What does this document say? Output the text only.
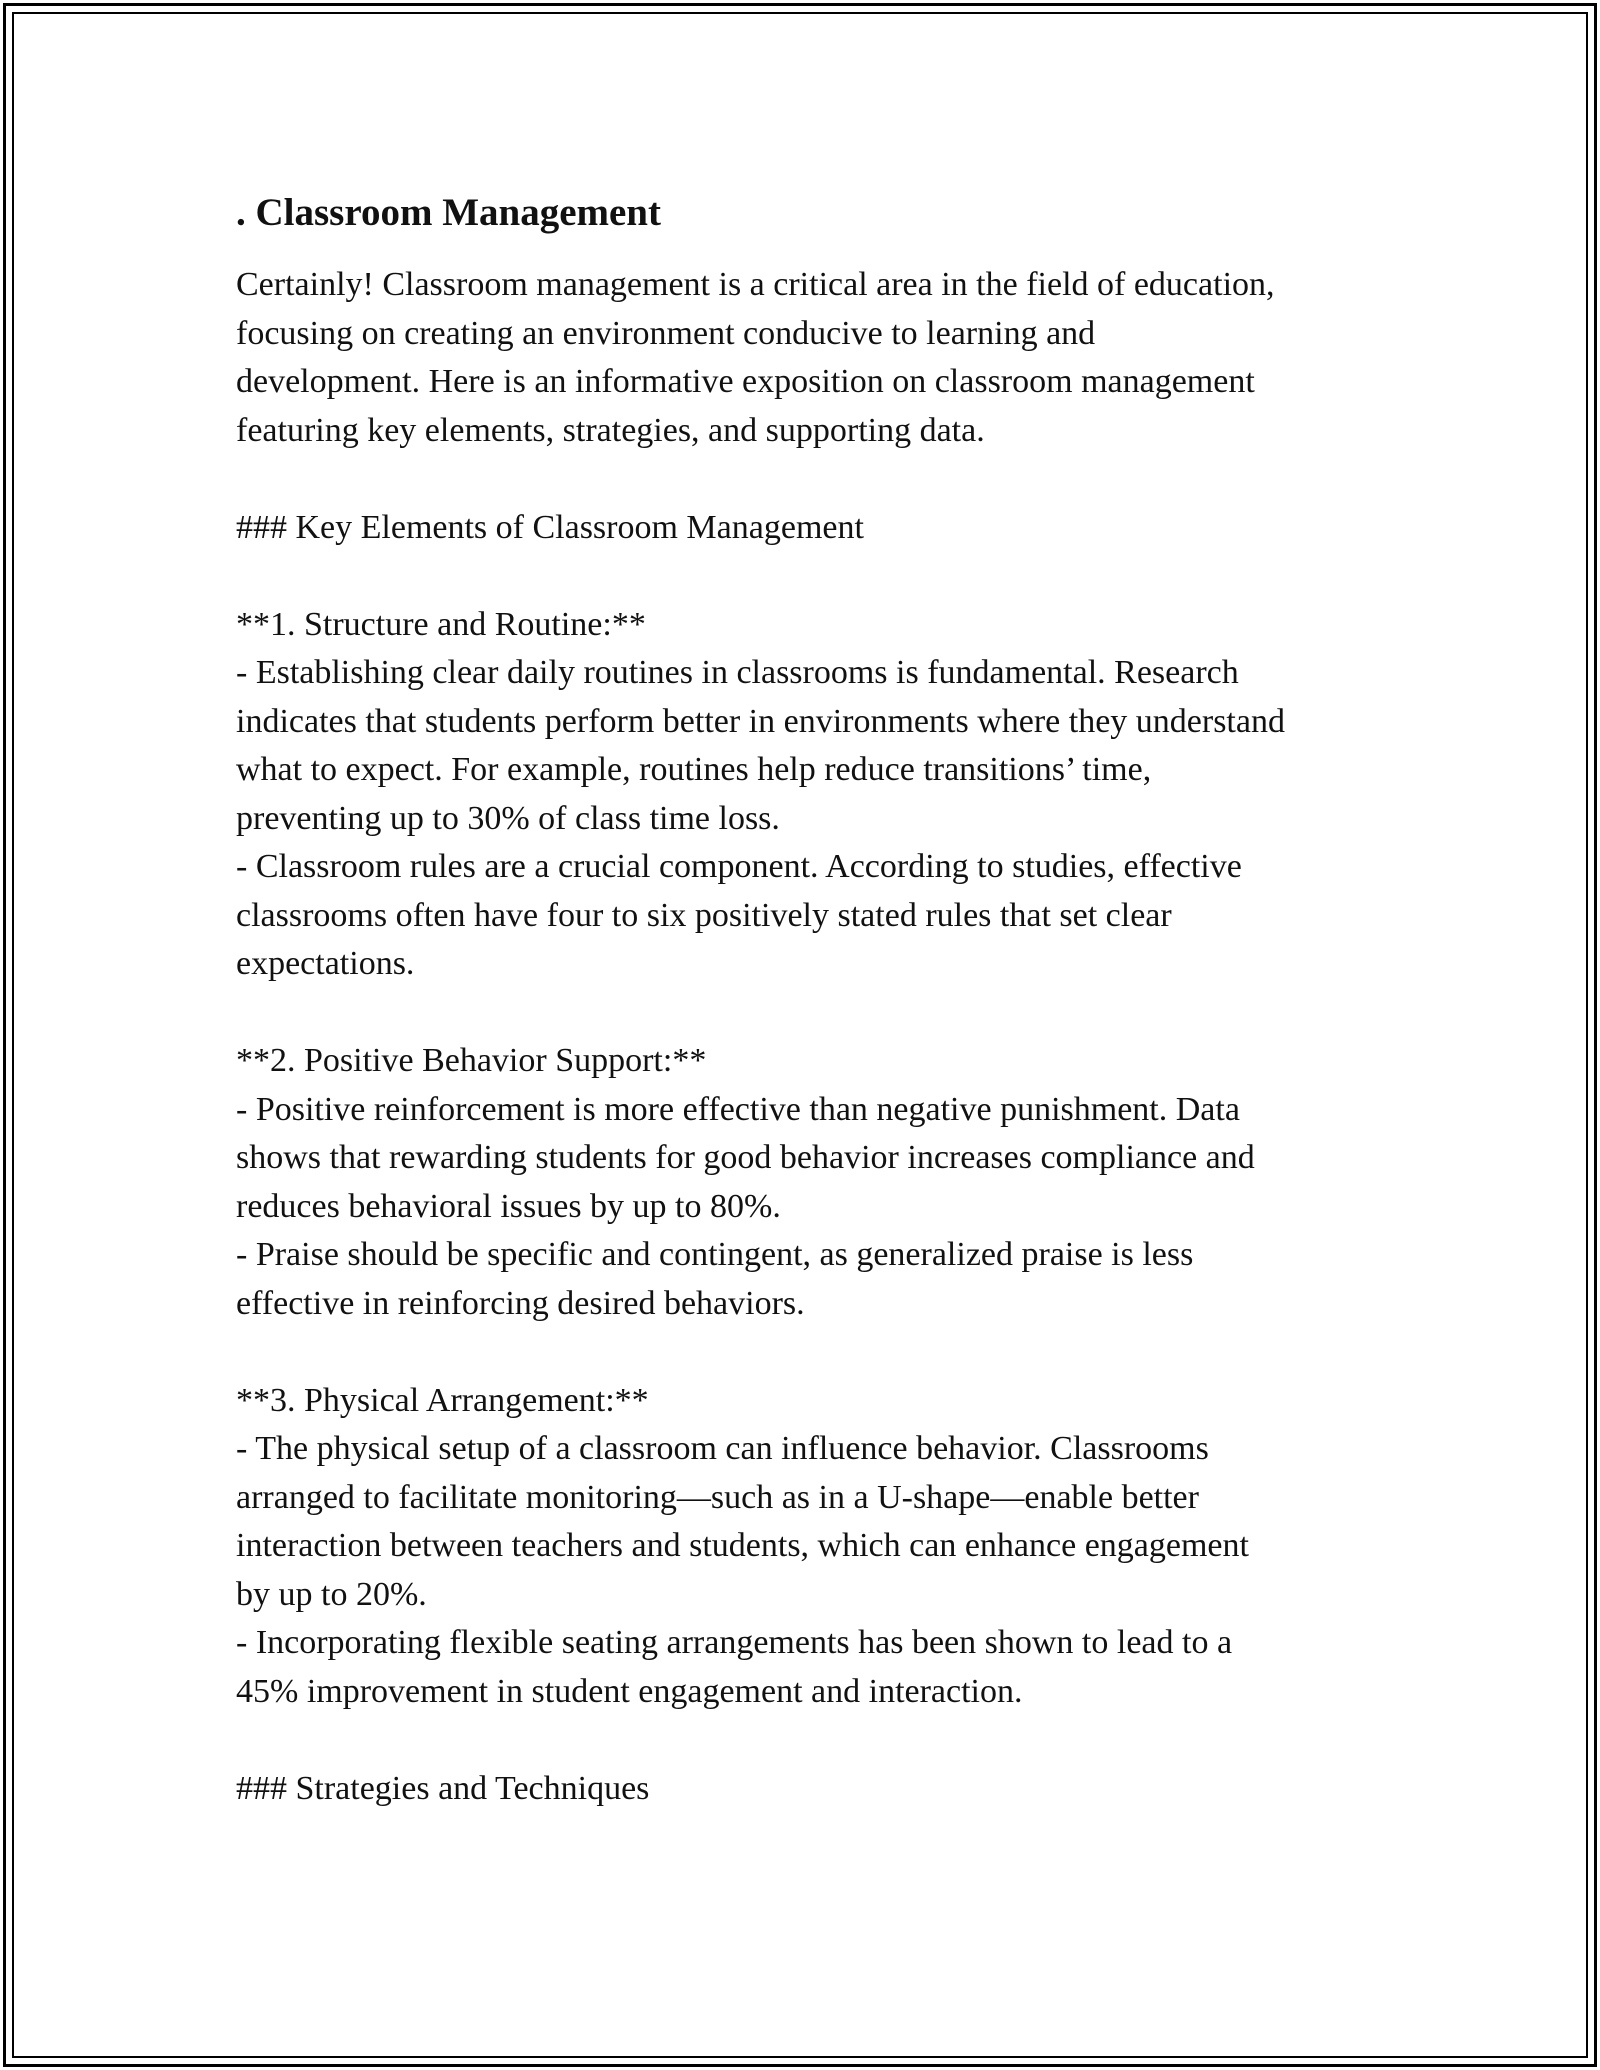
. Classroom Management

Certainly! Classroom management is a critical area in the field of education,

focusing on creating an environment conducive to learning and

development. Here is an informative exposition on classroom management

featuring key elements, strategies, and supporting data.

### Key Elements of Classroom Management

**1. Structure and Routine:**

- Establishing clear daily routines in classrooms is fundamental. Research

indicates that students perform better in environments where they understand

what to expect. For example, routines help reduce transitions’ time,

preventing up to 30% of class time loss.

- Classroom rules are a crucial component. According to studies, effective

classrooms often have four to six positively stated rules that set clear

expectations.

**2. Positive Behavior Support:**

- Positive reinforcement is more effective than negative punishment. Data

shows that rewarding students for good behavior increases compliance and

reduces behavioral issues by up to 80%.

- Praise should be specific and contingent, as generalized praise is less

effective in reinforcing desired behaviors.

**3. Physical Arrangement:**

- The physical setup of a classroom can influence behavior. Classrooms

arranged to facilitate monitoring—such as in a U-shape—enable better

interaction between teachers and students, which can enhance engagement

by up to 20%.

- Incorporating flexible seating arrangements has been shown to lead to a

45% improvement in student engagement and interaction.

### Strategies and Techniques
